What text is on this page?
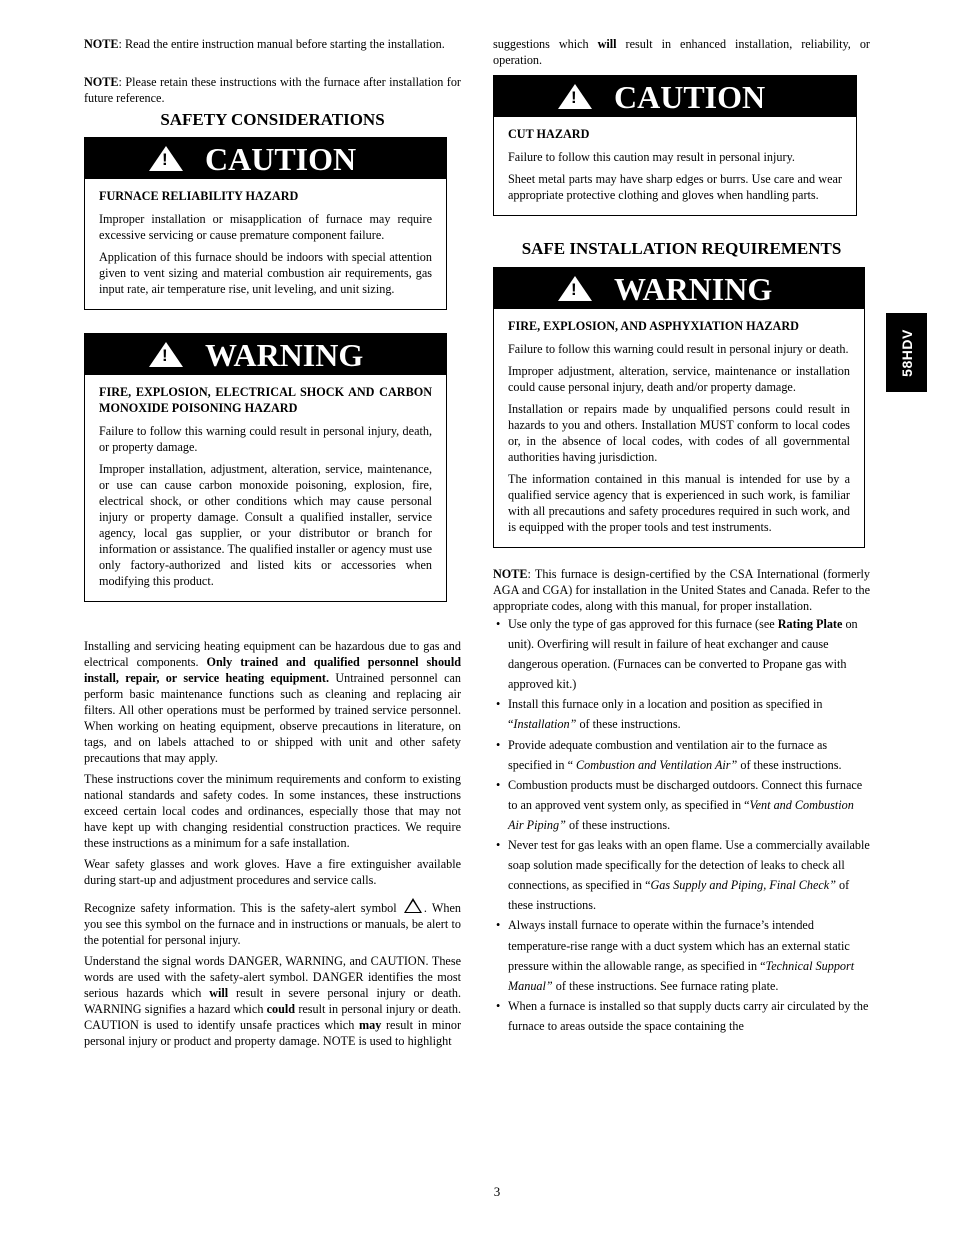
NOTE: Read the entire instruction manual before starting the installation.

NOTE: Please retain these instructions with the furnace after installation for future reference.

SAFETY CONSIDERATIONS
!
CAUTION

FURNACE RELIABILITY HAZARD

Improper installation or misapplication of furnace may require excessive servicing or cause premature component failure.

Application of this furnace should be indoors with special attention given to vent sizing and material combustion air requirements, gas input rate, air temperature rise, unit leveling, and unit sizing.

!
WARNING

FIRE, EXPLOSION, ELECTRICAL SHOCK AND CARBON MONOXIDE POISONING HAZARD

Failure to follow this warning could result in personal injury, death, or property damage.

Improper installation, adjustment, alteration, service, maintenance, or use can cause carbon monoxide poisoning, explosion, fire, electrical shock, or other conditions which may cause personal injury or property damage. Consult a qualified installer, service agency, local gas supplier, or your distributor or branch for information or assistance. The qualified installer or agency must use only factory-authorized and listed kits or accessories when modifying this product.

Installing and servicing heating equipment can be hazardous due to gas and electrical components. Only trained and qualified personnel should install, repair, or service heating equipment. Untrained personnel can perform basic maintenance functions such as cleaning and replacing air filters. All other operations must be performed by trained service personnel. When working on heating equipment, observe precautions in literature, on tags, and on labels attached to or shipped with unit and other safety precautions that may apply.

These instructions cover the minimum requirements and conform to existing national standards and safety codes. In some instances, these instructions exceed certain local codes and ordinances, especially those that may not have kept up with changing residential construction practices. We require these instructions as a minimum for a safe installation.

Wear safety glasses and work gloves. Have a fire extinguisher available during start-up and adjustment procedures and service calls.

Recognize safety information. This is the safety-alert symbol . When you see this symbol on the furnace and in instructions or manuals, be alert to the potential for personal injury.

Understand the signal words DANGER, WARNING, and CAUTION. These words are used with the safety-alert symbol. DANGER identifies the most serious hazards which will result in severe personal injury or death. WARNING signifies a hazard which could result in personal injury or death. CAUTION is used to identify unsafe practices which may result in minor personal injury or product and property damage. NOTE is used to highlight

suggestions which will result in enhanced installation, reliability, or operation.

!
CAUTION

CUT HAZARD

Failure to follow this caution may result in personal injury.

Sheet metal parts may have sharp edges or burrs. Use care and wear appropriate protective clothing and gloves when handling parts.

SAFE INSTALLATION REQUIREMENTS
!
WARNING

FIRE, EXPLOSION, AND ASPHYXIATION HAZARD

Failure to follow this warning could result in personal injury or death.

Improper adjustment, alteration, service, maintenance or installation could cause personal injury, death and/or property damage.

Installation or repairs made by unqualified persons could result in hazards to you and others. Installation MUST conform to local codes or, in the absence of local codes, with codes of all governmental authorities having jurisdiction.

The information contained in this manual is intended for use by a qualified service agency that is experienced in such work, is familiar with all precautions and safety procedures required in such work, and is equipped with the proper tools and test instruments.

NOTE: This furnace is design-certified by the CSA International (formerly AGA and CGA) for installation in the United States and Canada. Refer to the appropriate codes, along with this manual, for proper installation.

• Use only the type of gas approved for this furnace (see Rating Plate on unit). Overfiring will result in failure of heat exchanger and cause dangerous operation. (Furnaces can be converted to Propane gas with approved kit.)
• Install this furnace only in a location and position as specified in “Installation” of these instructions.
• Provide adequate combustion and ventilation air to the furnace as specified in “ Combustion and Ventilation Air” of these instructions.
• Combustion products must be discharged outdoors. Connect this furnace to an approved vent system only, as specified in “Vent and Combustion Air Piping” of these instructions.
• Never test for gas leaks with an open flame. Use a commercially available soap solution made specifically for the detection of leaks to check all connections, as specified in “Gas Supply and Piping, Final Check” of these instructions.
• Always install furnace to operate within the furnace’s intended temperature-rise range with a duct system which has an external static pressure within the allowable range, as specified in “Technical Support Manual” of these instructions. See furnace rating plate.
• When a furnace is installed so that supply ducts carry air circulated by the furnace to areas outside the space containing the
58HDV
3
